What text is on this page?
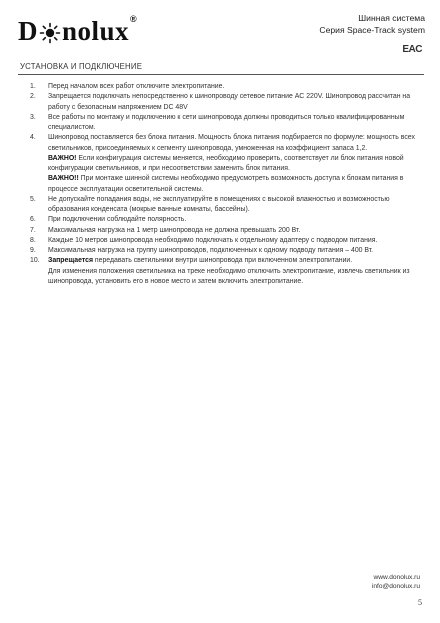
D nolux ®	Шинная система
Серия Space-Track system
EAC
УСТАНОВКА И ПОДКЛЮЧЕНИЕ
1. Перед началом всех работ отключите электропитание.

2. Запрещается подключать непосредственно к шинопроводу сетевое питание AC 220V. Шинопровод рассчитан на работу с безопасным напряжением DC 48V

3. Все работы по монтажу и подключению к сети шинопровода должны проводиться только квалифицированным специалистом.

4. Шинопровод поставляется без блока питания. Мощность блока питания подбирается по формуле: мощность всех светильников, присоединяемых к сегменту шинопровода, умноженная на коэффициент запаса 1,2.

ВАЖНО! Если конфигурация системы меняется, необходимо проверить, соответствует ли блок питания новой конфигурации светильников, и при несоответствии заменить блок питания.

ВАЖНО!! При монтаже шинной системы необходимо предусмотреть возможность доступа к блокам питания в процессе эксплуатации осветительной системы.

5. Не допускайте попадания воды, не эксплуатируйте в помещениях с высокой влажностью и возможностью образования конденсата (мокрые ванные комнаты, бассейны).

6. При подключении соблюдайте полярность.

7. Максимальная нагрузка на 1 метр шинопровода не должна превышать 200 Вт.

8. Каждые 10 метров шинопровода необходимо подключать к отдельному адаптеру с подводом питания.

9. Максимальная нагрузка на группу шинопроводов, подключенных к одному подводу питания – 400 Вт.

10. Запрещается передавать светильники внутри шинопровода при включенном электропитании.

Для изменения положения светильника на треке необходимо отключить электропитание, извлечь светильник из шинопровода, установить его в новое место и затем включить электропитание.

www.donolux.ru
info@donolux.ru
5
